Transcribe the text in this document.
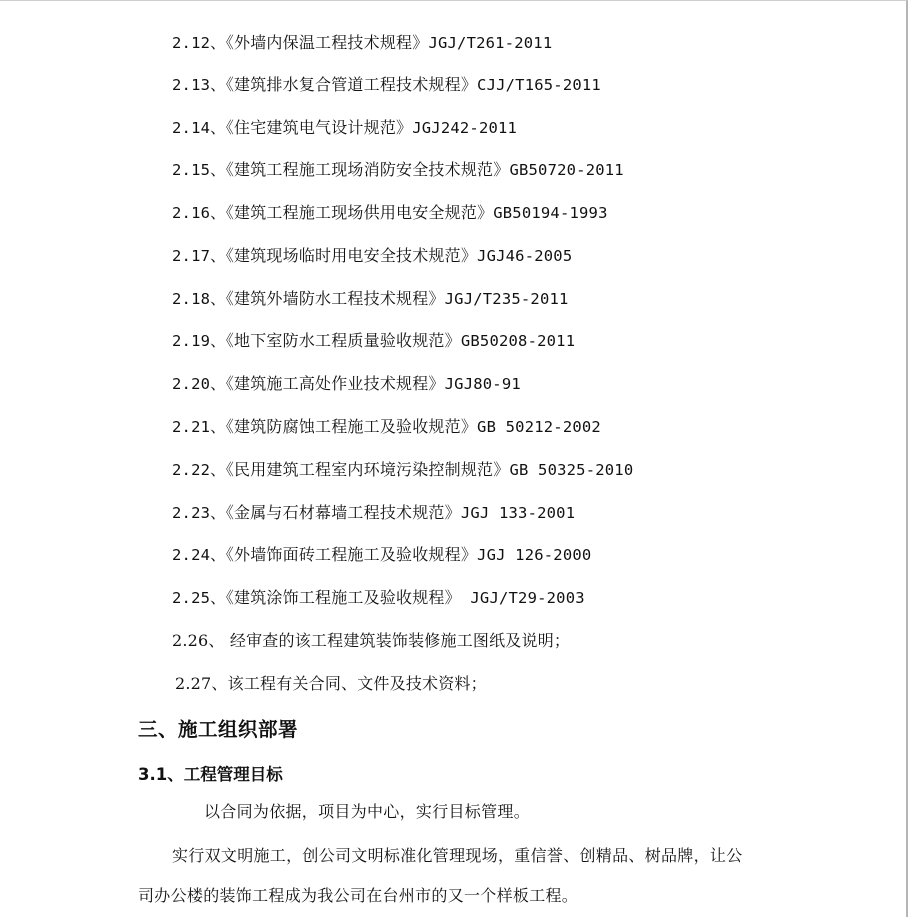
2.12、《外墙内保温工程技术规程》JGJ/T261-2011
2.13、《建筑排水复合管道工程技术规程》CJJ/T165-2011
2.14、《住宅建筑电气设计规范》JGJ242-2011
2.15、《建筑工程施工现场消防安全技术规范》GB50720-2011
2.16、《建筑工程施工现场供用电安全规范》GB50194-1993
2.17、《建筑现场临时用电安全技术规范》JGJ46-2005
2.18、《建筑外墙防水工程技术规程》JGJ/T235-2011
2.19、《地下室防水工程质量验收规范》GB50208-2011
2.20、《建筑施工高处作业技术规程》JGJ80-91
2.21、《建筑防腐蚀工程施工及验收规范》GB 50212-2002
2.22、《民用建筑工程室内环境污染控制规范》GB 50325-2010
2.23、《金属与石材幕墙工程技术规范》JGJ 133-2001
2.24、《外墙饰面砖工程施工及验收规程》JGJ 126-2000
2.25、《建筑涂饰工程施工及验收规程》 JGJ/T29-2003
2.26、 经审查的该工程建筑装饰装修施工图纸及说明；
2.27、该工程有关合同、文件及技术资料；
三、施工组织部署
3.1、工程管理目标
以合同为依据，项目为中心，实行目标管理。
实行双文明施工，创公司文明标准化管理现场，重信誉、创精品、树品牌，让公
司办公楼的装饰工程成为我公司在台州市的又一个样板工程。
